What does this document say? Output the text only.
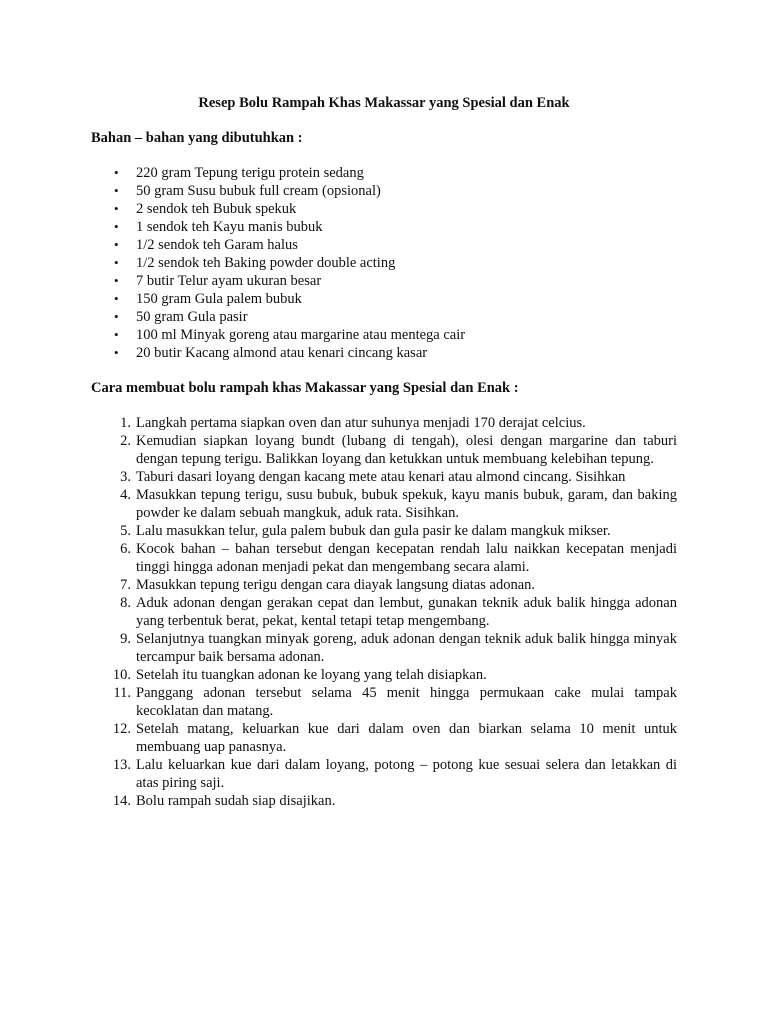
Resep Bolu Rampah Khas Makassar yang Spesial dan Enak
Bahan – bahan yang dibutuhkan :
• 220 gram Tepung terigu protein sedang
• 50 gram Susu bubuk full cream (opsional)
• 2 sendok teh Bubuk spekuk
• 1 sendok teh Kayu manis bubuk
• 1/2 sendok teh Garam halus
• 1/2 sendok teh Baking powder double acting
• 7 butir Telur ayam ukuran besar
• 150 gram Gula palem bubuk
• 50 gram Gula pasir
• 100 ml Minyak goreng atau margarine atau mentega cair
• 20 butir Kacang almond atau kenari cincang kasar
Cara membuat bolu rampah khas Makassar yang Spesial dan Enak :
1. Langkah pertama siapkan oven dan atur suhunya menjadi 170 derajat celcius.
2. Kemudian siapkan loyang bundt (lubang di tengah), olesi dengan margarine dan taburi dengan tepung terigu. Balikkan loyang dan ketukkan untuk membuang kelebihan tepung.
3. Taburi dasari loyang dengan kacang mete atau kenari atau almond cincang. Sisihkan
4. Masukkan tepung terigu, susu bubuk, bubuk spekuk, kayu manis bubuk, garam, dan baking powder ke dalam sebuah mangkuk, aduk rata. Sisihkan.
5. Lalu masukkan telur, gula palem bubuk dan gula pasir ke dalam mangkuk mikser.
6. Kocok bahan – bahan tersebut dengan kecepatan rendah lalu naikkan kecepatan menjadi tinggi hingga adonan menjadi pekat dan mengembang secara alami.
7. Masukkan tepung terigu dengan cara diayak langsung diatas adonan.
8. Aduk adonan dengan gerakan cepat dan lembut, gunakan teknik aduk balik hingga adonan yang terbentuk berat, pekat, kental tetapi tetap mengembang.
9. Selanjutnya tuangkan minyak goreng, aduk adonan dengan teknik aduk balik hingga minyak tercampur baik bersama adonan.
10. Setelah itu tuangkan adonan ke loyang yang telah disiapkan.
11. Panggang adonan tersebut selama 45 menit hingga permukaan cake mulai tampak kecoklatan dan matang.
12. Setelah matang, keluarkan kue dari dalam oven dan biarkan selama 10 menit untuk membuang uap panasnya.
13. Lalu keluarkan kue dari dalam loyang, potong – potong kue sesuai selera dan letakkan di atas piring saji.
14. Bolu rampah sudah siap disajikan.
